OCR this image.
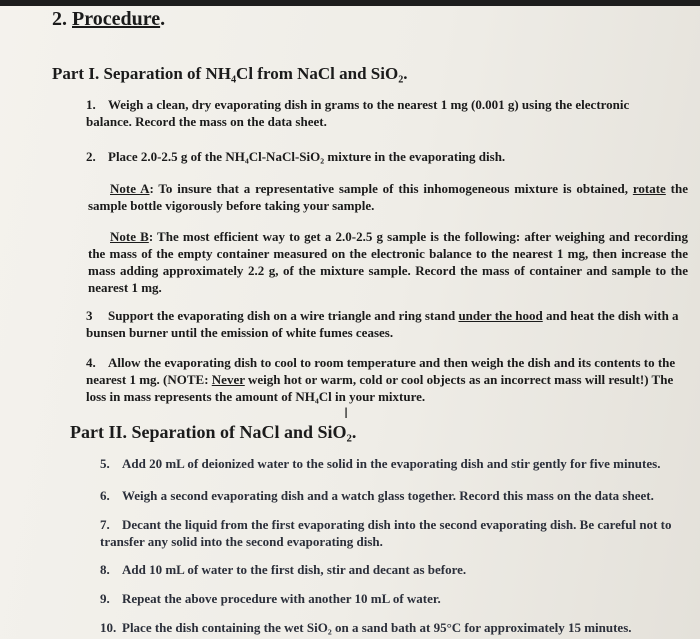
2. Procedure.
Part I. Separation of NH₄Cl from NaCl and SiO₂.
1. Weigh a clean, dry evaporating dish in grams to the nearest 1 mg (0.001 g) using the electronic balance. Record the mass on the data sheet.
2. Place 2.0-2.5 g of the NH₄Cl-NaCl-SiO₂ mixture in the evaporating dish.
Note A: To insure that a representative sample of this inhomogeneous mixture is obtained, rotate the sample bottle vigorously before taking your sample.
Note B: The most efficient way to get a 2.0-2.5 g sample is the following: after weighing and recording the mass of the empty container measured on the electronic balance to the nearest 1 mg, then increase the mass adding approximately 2.2 g, of the mixture sample. Record the mass of container and sample to the nearest 1 mg.
3 Support the evaporating dish on a wire triangle and ring stand under the hood and heat the dish with a bunsen burner until the emission of white fumes ceases.
4. Allow the evaporating dish to cool to room temperature and then weigh the dish and its contents to the nearest 1 mg. (NOTE: Never weigh hot or warm, cold or cool objects as an incorrect mass will result!) The loss in mass represents the amount of NH₄Cl in your mixture.
I
Part II. Separation of NaCl and SiO₂.
5. Add 20 mL of deionized water to the solid in the evaporating dish and stir gently for five minutes.
6. Weigh a second evaporating dish and a watch glass together. Record this mass on the data sheet.
7. Decant the liquid from the first evaporating dish into the second evaporating dish. Be careful not to transfer any solid into the second evaporating dish.
8. Add 10 mL of water to the first dish, stir and decant as before.
9. Repeat the above procedure with another 10 mL of water.
10. Place the dish containing the wet SiO₂ on a sand bath at 95°C for approximately 15 minutes.
